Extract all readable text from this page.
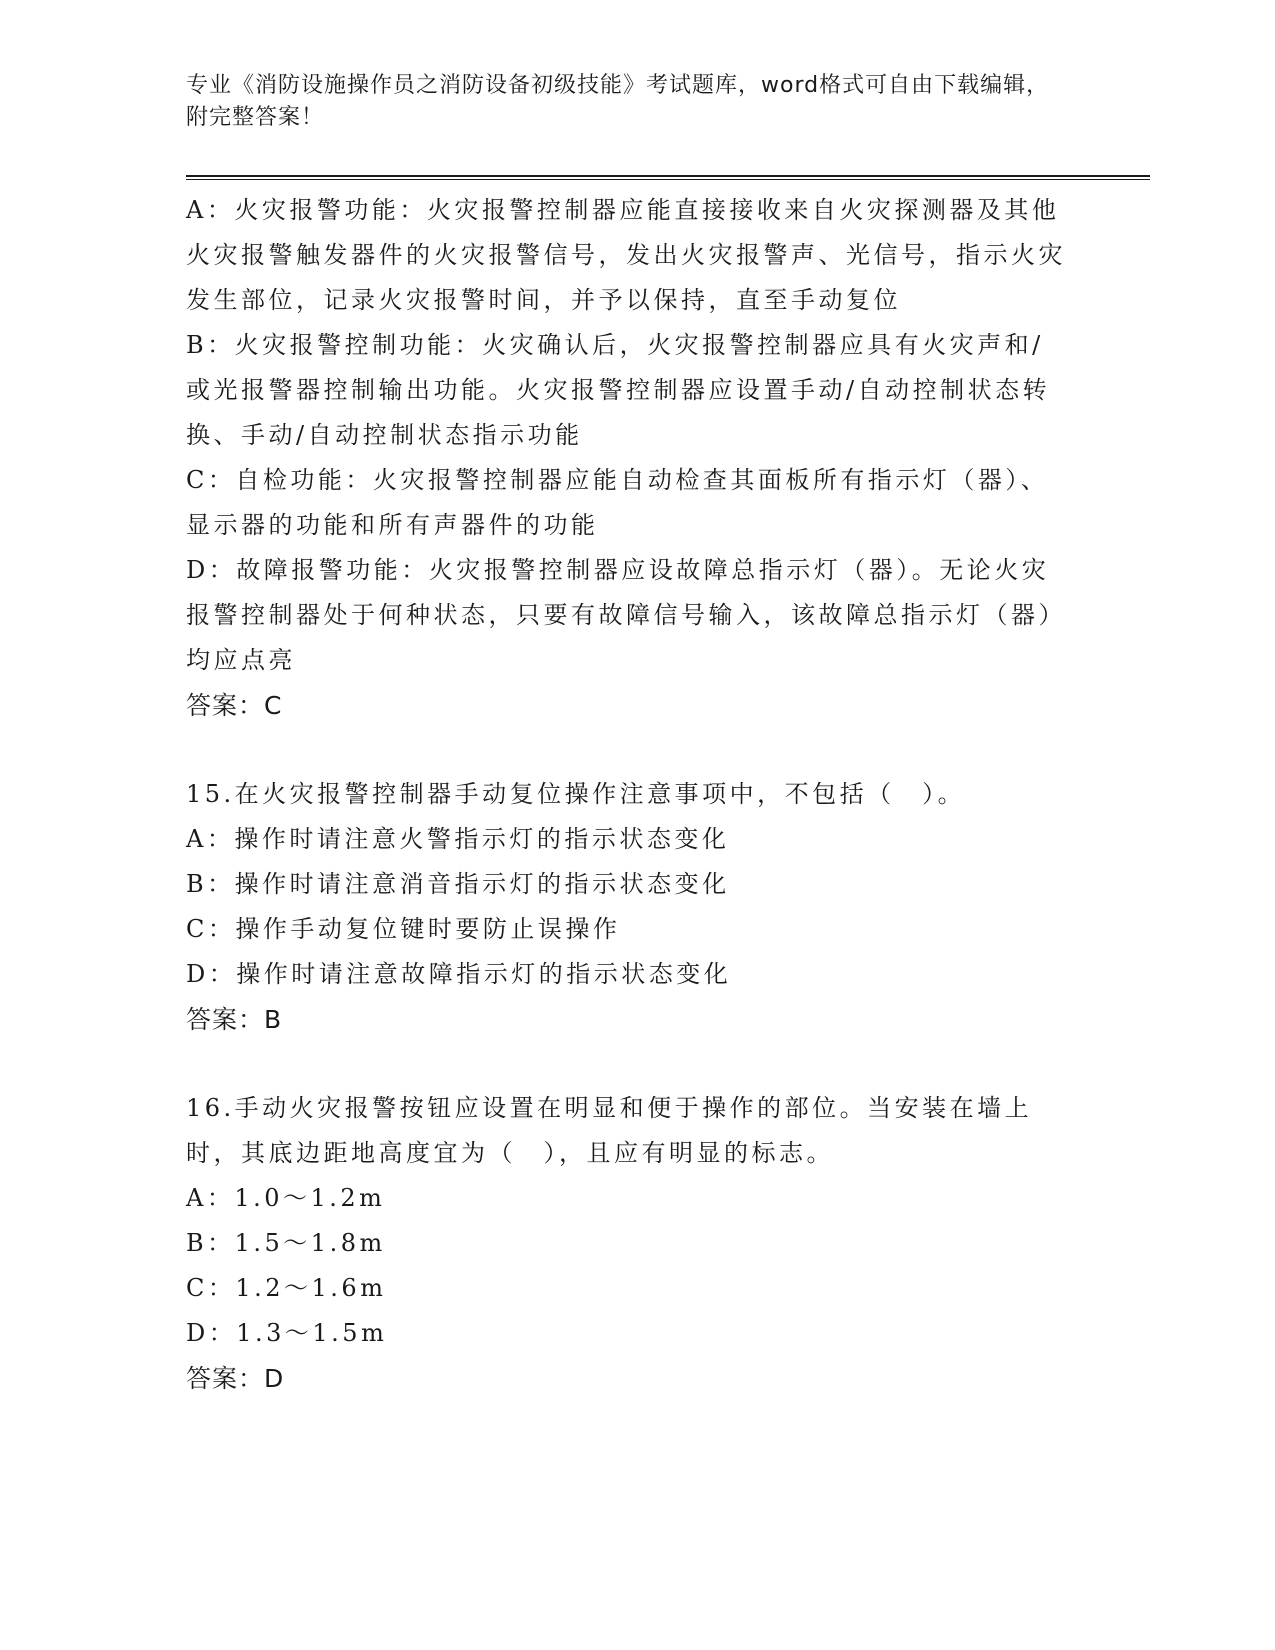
专业《消防设施操作员之消防设备初级技能》考试题库，word格式可自由下载编辑，附完整答案！

A：火灾报警功能：火灾报警控制器应能直接接收来自火灾探测器及其他火灾报警触发器件的火灾报警信号，发出火灾报警声、光信号，指示火灾发生部位，记录火灾报警时间，并予以保持，直至手动复位

B：火灾报警控制功能：火灾确认后，火灾报警控制器应具有火灾声和/或光报警器控制输出功能。火灾报警控制器应设置手动/自动控制状态转换、手动/自动控制状态指示功能

C：自检功能：火灾报警控制器应能自动检查其面板所有指示灯（器）、显示器的功能和所有声器件的功能

D：故障报警功能：火灾报警控制器应设故障总指示灯（器）。无论火灾报警控制器处于何种状态，只要有故障信号输入，该故障总指示灯（器）均应点亮

答案：C

15.在火灾报警控制器手动复位操作注意事项中，不包括（　）。

A：操作时请注意火警指示灯的指示状态变化

B：操作时请注意消音指示灯的指示状态变化

C：操作手动复位键时要防止误操作

D：操作时请注意故障指示灯的指示状态变化

答案：B

16.手动火灾报警按钮应设置在明显和便于操作的部位。当安装在墙上时，其底边距地高度宜为（　），且应有明显的标志。

A：1.0～1.2m

B：1.5～1.8m

C：1.2～1.6m

D：1.3～1.5m

答案：D
